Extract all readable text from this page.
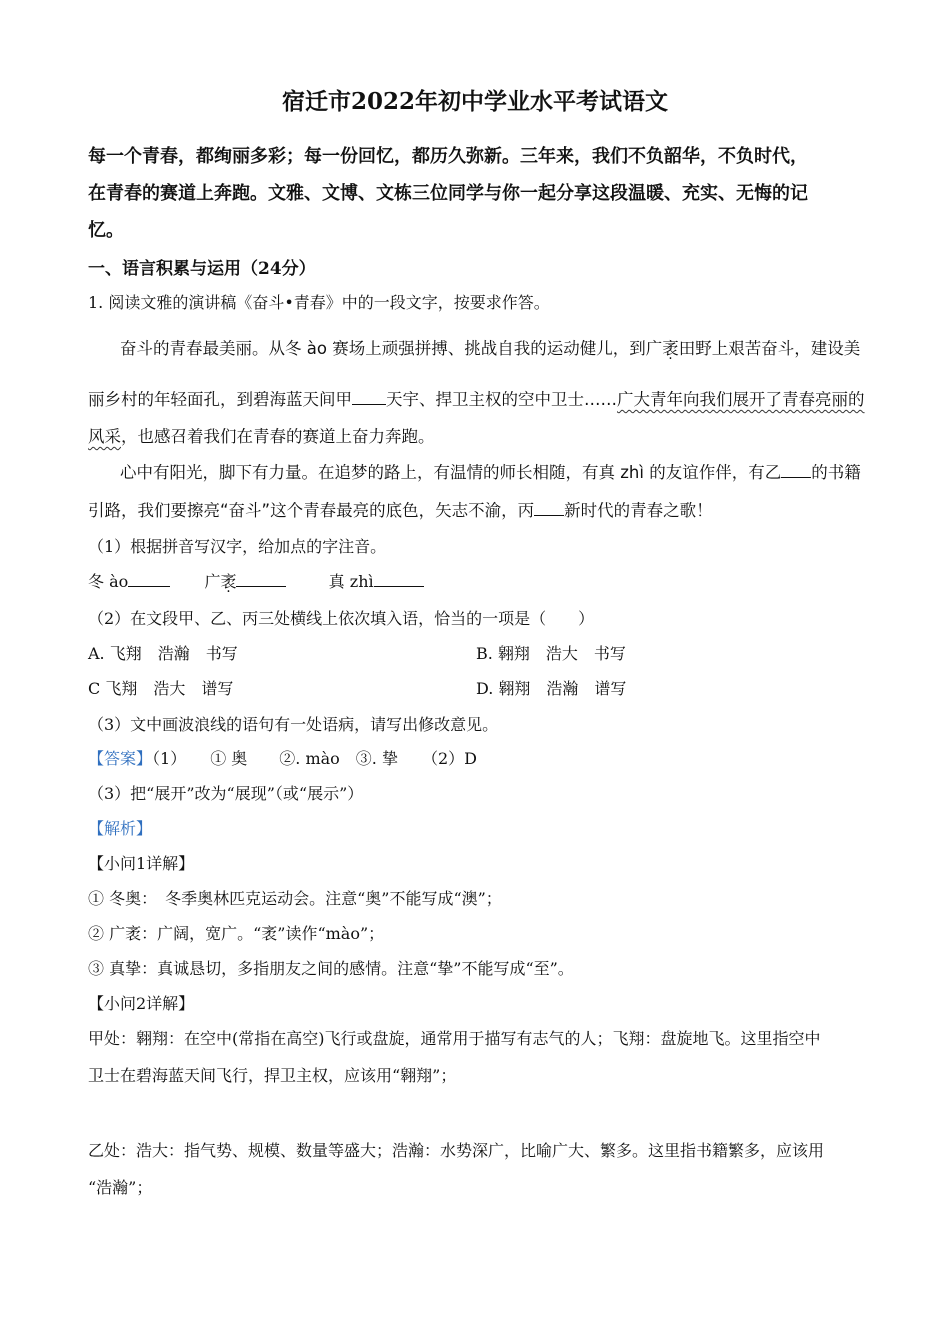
宿迁市2022年初中学业水平考试语文
每一个青春，都绚丽多彩；每一份回忆，都历久弥新。三年来，我们不负韶华，不负时代，
在青春的赛道上奔跑。文雅、文博、文栋三位同学与你一起分享这段温暖、充实、无悔的记
忆。
一、语言积累与运用（24分）
1. 阅读文雅的演讲稿《奋斗•青春》中的一段文字，按要求作答。
奋斗的青春最美丽。从冬 ào 赛场上顽强拼搏、挑战自我的运动健儿，到广袤田野上艰苦奋斗，建设美
丽乡村的年轻面孔，到碧海蓝天间甲 天宇、捍卫主权的空中卫士……广大青年向我们展开了青春亮丽的
风采，也感召着我们在青春的赛道上奋力奔跑。
心中有阳光，脚下有力量。在追梦的路上，有温情的师长相随，有真 zhì 的友谊作伴，有乙 的书籍
引路，我们要擦亮“奋斗”这个青春最亮的底色，矢志不渝，丙 新时代的青春之歌！
（1）根据拼音写汉字，给加点的字注音。
冬 ào	广袤	真 zhì
（2）在文段甲、乙、丙三处横线上依次填入语，恰当的一项是（　　）
A. 飞翔　浩瀚　书写	B. 翱翔　浩大　书写
C 飞翔　浩大　谱写	D. 翱翔　浩瀚　谱写
（3）文中画波浪线的语句有一处语病，请写出修改意见。
【答案】（1）　　① 奥　　②. mào　③. 挚　　（2）D
（3）把“展开”改为“展现”（或“展示”）
【解析】
【小问1详解】
① 冬奥：　冬季奥林匹克运动会。注意“奥”不能写成“澳”；
② 广袤：广阔，宽广。“袤”读作“mào”；
③ 真挚：真诚恳切，多指朋友之间的感情。注意“挚”不能写成“至”。
【小问2详解】
甲处：翱翔：在空中(常指在高空)飞行或盘旋，通常用于描写有志气的人；飞翔：盘旋地飞。这里指空中
卫士在碧海蓝天间飞行，捍卫主权，应该用“翱翔”；
乙处：浩大：指气势、规模、数量等盛大；浩瀚：水势深广，比喻广大、繁多。这里指书籍繁多，应该用
“浩瀚”；
